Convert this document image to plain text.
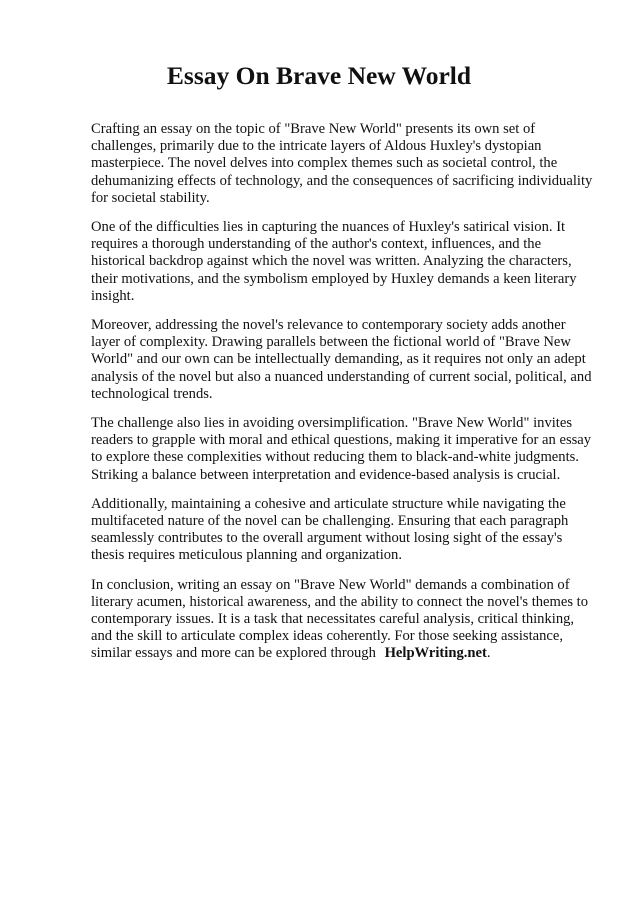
Essay On Brave New World

Crafting an essay on the topic of "Brave New World" presents its own set of challenges, primarily due to the intricate layers of Aldous Huxley's dystopian masterpiece. The novel delves into complex themes such as societal control, the dehumanizing effects of technology, and the consequences of sacrificing individuality for societal stability.

One of the difficulties lies in capturing the nuances of Huxley's satirical vision. It requires a thorough understanding of the author's context, influences, and the historical backdrop against which the novel was written. Analyzing the characters, their motivations, and the symbolism employed by Huxley demands a keen literary insight.

Moreover, addressing the novel's relevance to contemporary society adds another layer of complexity. Drawing parallels between the fictional world of "Brave New World" and our own can be intellectually demanding, as it requires not only an adept analysis of the novel but also a nuanced understanding of current social, political, and technological trends.

The challenge also lies in avoiding oversimplification. "Brave New World" invites readers to grapple with moral and ethical questions, making it imperative for an essay to explore these complexities without reducing them to black-and-white judgments. Striking a balance between interpretation and evidence-based analysis is crucial.

Additionally, maintaining a cohesive and articulate structure while navigating the multifaceted nature of the novel can be challenging. Ensuring that each paragraph seamlessly contributes to the overall argument without losing sight of the essay's thesis requires meticulous planning and organization.

In conclusion, writing an essay on "Brave New World" demands a combination of literary acumen, historical awareness, and the ability to connect the novel's themes to contemporary issues. It is a task that necessitates careful analysis, critical thinking, and the skill to articulate complex ideas coherently. For those seeking assistance, similar essays and more can be explored through HelpWriting.net.
